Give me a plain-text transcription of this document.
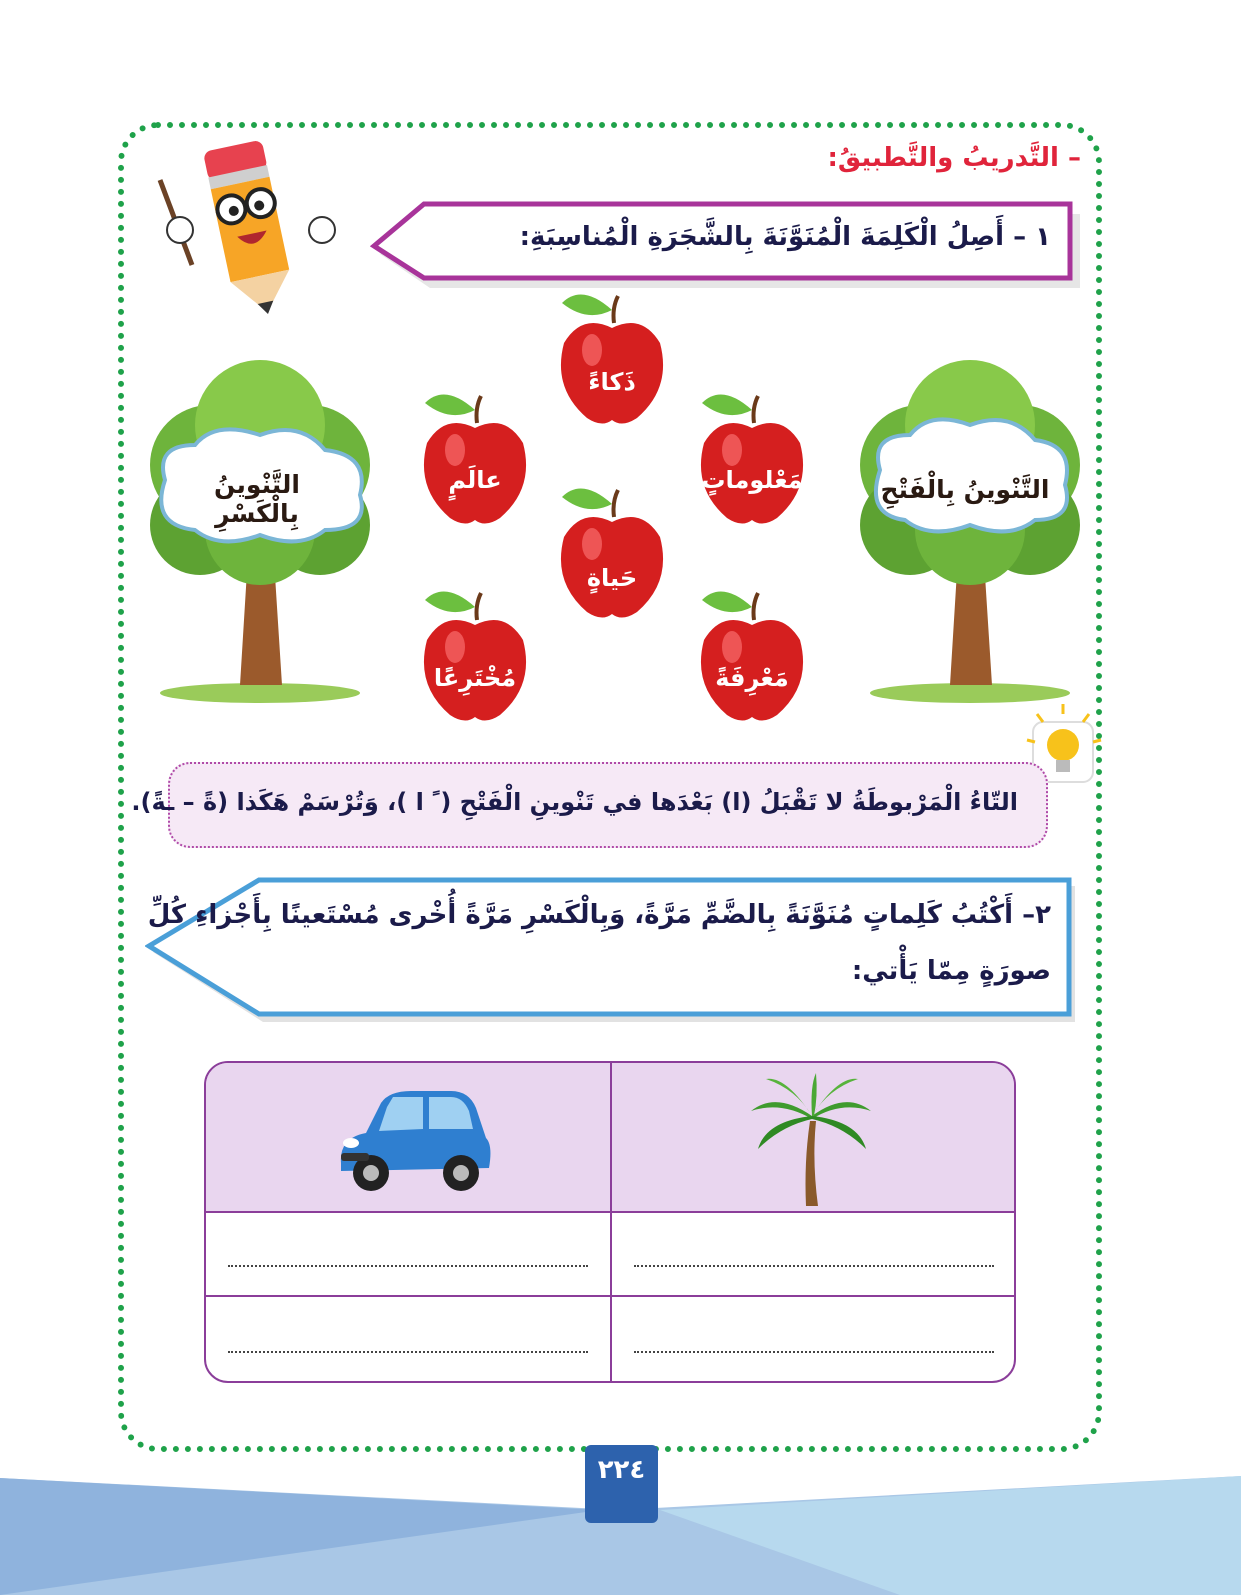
– التَّدريبُ والتَّطبيقُ:
١ – أَصِلُ الْكَلِمَةَ الْمُنَوَّنَةَ بِالشَّجَرَةِ الْمُناسِبَةِ:
التَّنْوينُ بِالْفَتْحِ
التَّنْوينُ بِالْكَسْرِ
ذَكاءً
مَعْلوماتٍ
عالَمٍ
حَياةٍ
مَعْرِفَةً
مُخْتَرِعًا
التّاءُ الْمَرْبوطَةُ لا تَقْبَلُ (ا) بَعْدَها في تَنْوينِ الْفَتْحِ ( ً ا )، وَتُرْسَمْ هَكَذا (ةً – ـةً).
٢– أَكْتُبُ كَلِماتٍ مُنَوَّنَةً بِالضَّمِّ مَرَّةً، وَبِالْكَسْرِ مَرَّةً أُخْرى مُسْتَعينًا بِأَجْزاءِ كُلِّ
صورَةٍ مِمّا يَأْتي:
٢٢٤
